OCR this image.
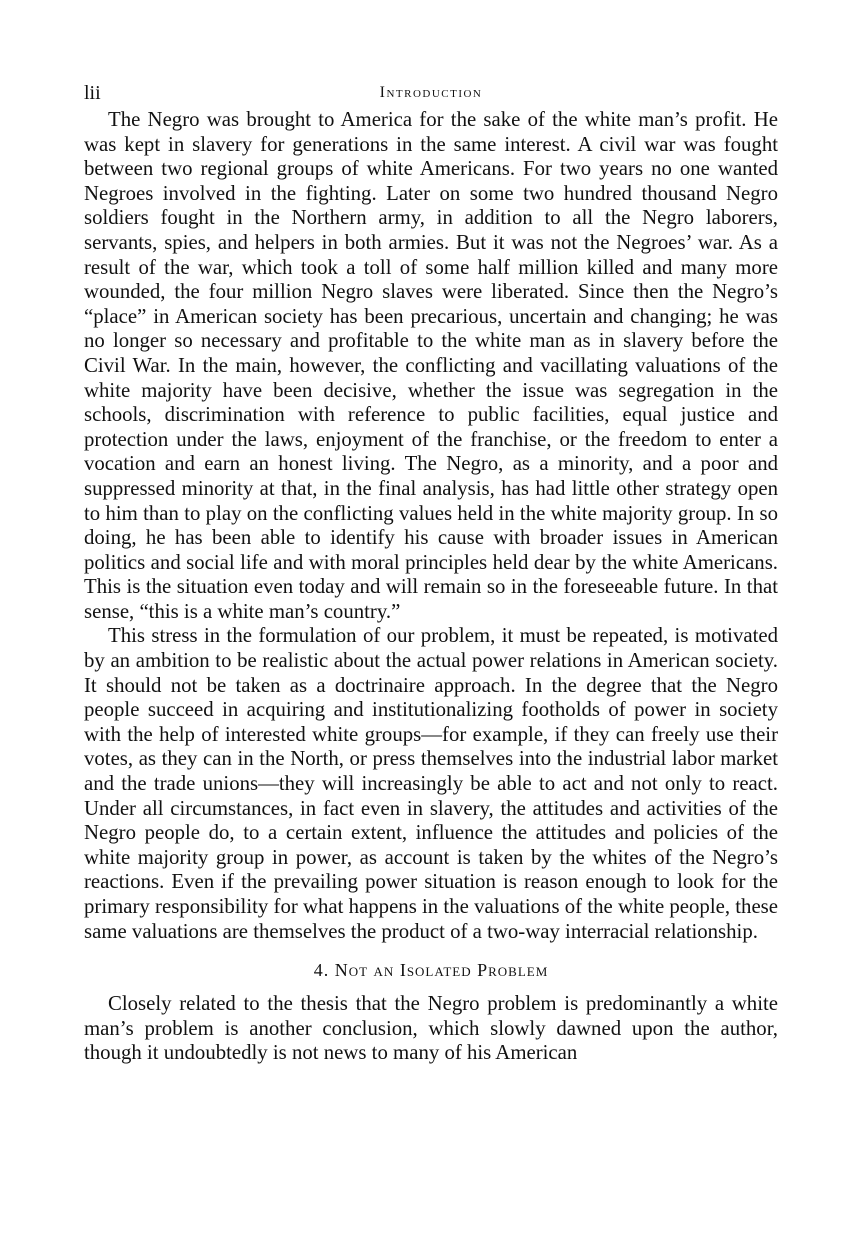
lii	Introduction

The Negro was brought to America for the sake of the white man’s profit. He was kept in slavery for generations in the same interest. A civil war was fought between two regional groups of white Americans. For two years no one wanted Negroes involved in the fighting. Later on some two hundred thousand Negro soldiers fought in the Northern army, in addition to all the Negro laborers, servants, spies, and helpers in both armies. But it was not the Negroes’ war. As a result of the war, which took a toll of some half million killed and many more wounded, the four million Negro slaves were liberated. Since then the Negro’s “place” in American society has been precarious, uncertain and changing; he was no longer so necessary and profitable to the white man as in slavery before the Civil War. In the main, however, the conflicting and vacillating valuations of the white majority have been decisive, whether the issue was segregation in the schools, discrimination with reference to public facilities, equal justice and protection under the laws, enjoyment of the franchise, or the freedom to enter a vocation and earn an honest living. The Negro, as a minority, and a poor and suppressed minority at that, in the final analysis, has had little other strategy open to him than to play on the conflicting values held in the white majority group. In so doing, he has been able to identify his cause with broader issues in American politics and social life and with moral principles held dear by the white Americans. This is the situation even today and will remain so in the foreseeable future. In that sense, “this is a white man’s country.”

This stress in the formulation of our problem, it must be repeated, is motivated by an ambition to be realistic about the actual power relations in American society. It should not be taken as a doctrinaire approach. In the degree that the Negro people succeed in acquiring and institutionalizing footholds of power in society with the help of interested white groups—for example, if they can freely use their votes, as they can in the North, or press themselves into the industrial labor market and the trade unions—they will increasingly be able to act and not only to react. Under all circumstances, in fact even in slavery, the attitudes and activities of the Negro people do, to a certain extent, influence the attitudes and policies of the white majority group in power, as account is taken by the whites of the Negro’s reactions. Even if the prevailing power situation is reason enough to look for the primary responsibility for what happens in the valuations of the white people, these same valuations are themselves the product of a two-way interracial relationship.

4. Not an Isolated Problem

Closely related to the thesis that the Negro problem is predominantly a white man’s problem is another conclusion, which slowly dawned upon the author, though it undoubtedly is not news to many of his American
